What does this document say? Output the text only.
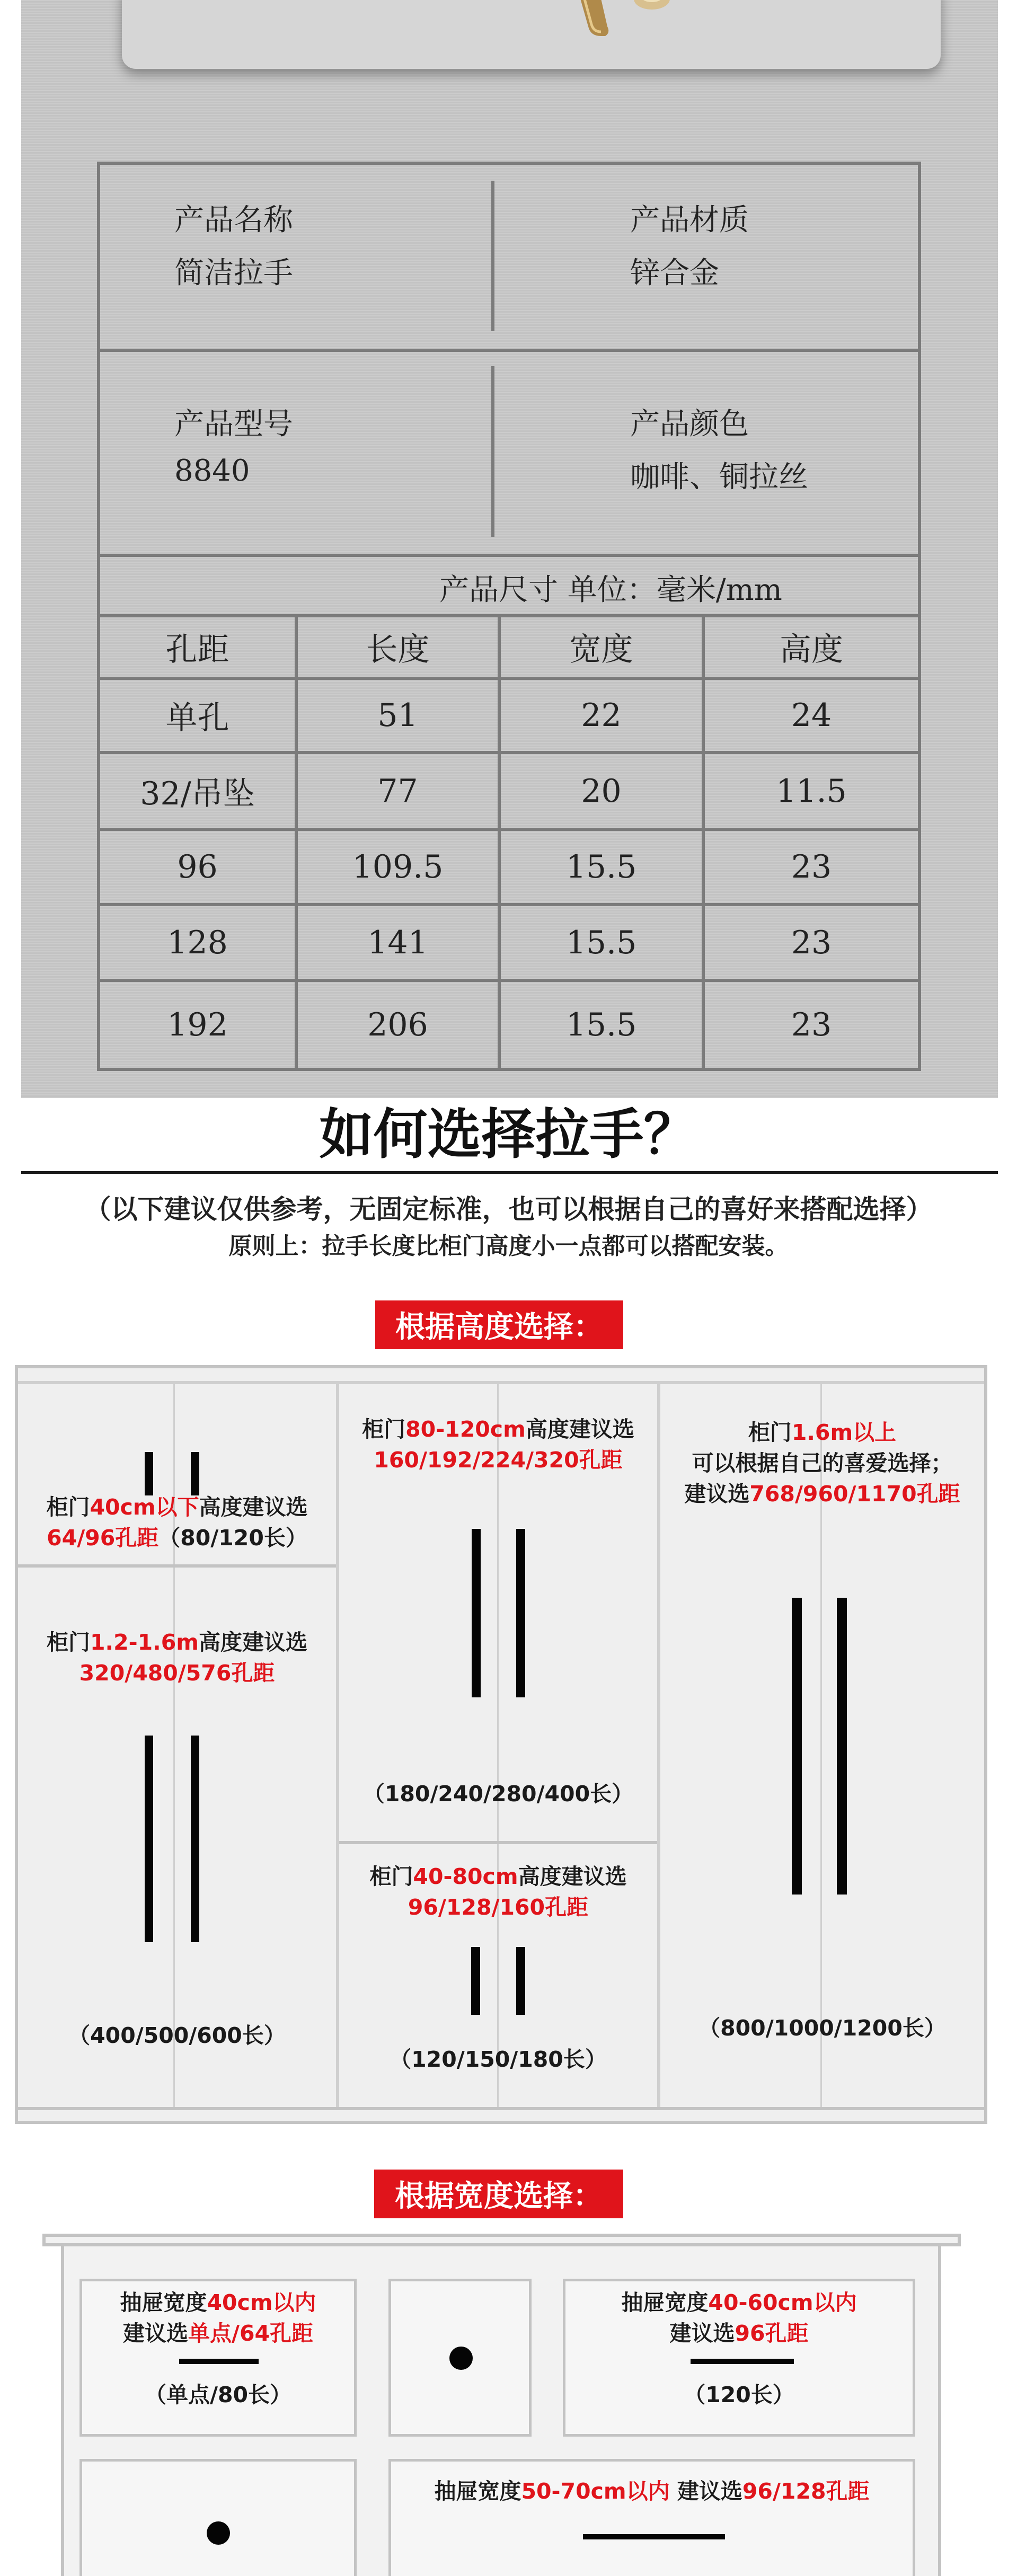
产品名称
简洁拉手
产品材质
锌合金
产品型号
8840
产品颜色
咖啡、铜拉丝
产品尺寸 单位：毫米/mm
孔距	长度	宽度	高度
单孔	51	22	24
32/吊坠	77	20	11.5
96	109.5	15.5	23
128	141	15.5	23
192	206	15.5	23
如何选择拉手？
（以下建议仅供参考，无固定标准，也可以根据自己的喜好来搭配选择）
原则上：拉手长度比柜门高度小一点都可以搭配安装。
根据高度选择：
柜门40cm以下高度建议选
64/96孔距（80/120长）
柜门1.2-1.6m高度建议选
320/480/576孔距
（400/500/600长）
柜门80-120cm高度建议选
160/192/224/320孔距
（180/240/280/400长）
柜门40-80cm高度建议选
96/128/160孔距
（120/150/180长）
柜门1.6m以上
可以根据自己的喜爱选择；
建议选768/960/1170孔距
（800/1000/1200长）
根据宽度选择：
抽屉宽度40cm以内
建议选单点/64孔距
（单点/80长）
抽屉宽度40-60cm以内
建议选96孔距
（120长）
抽屉宽度50-70cm以内 建议选96/128孔距
